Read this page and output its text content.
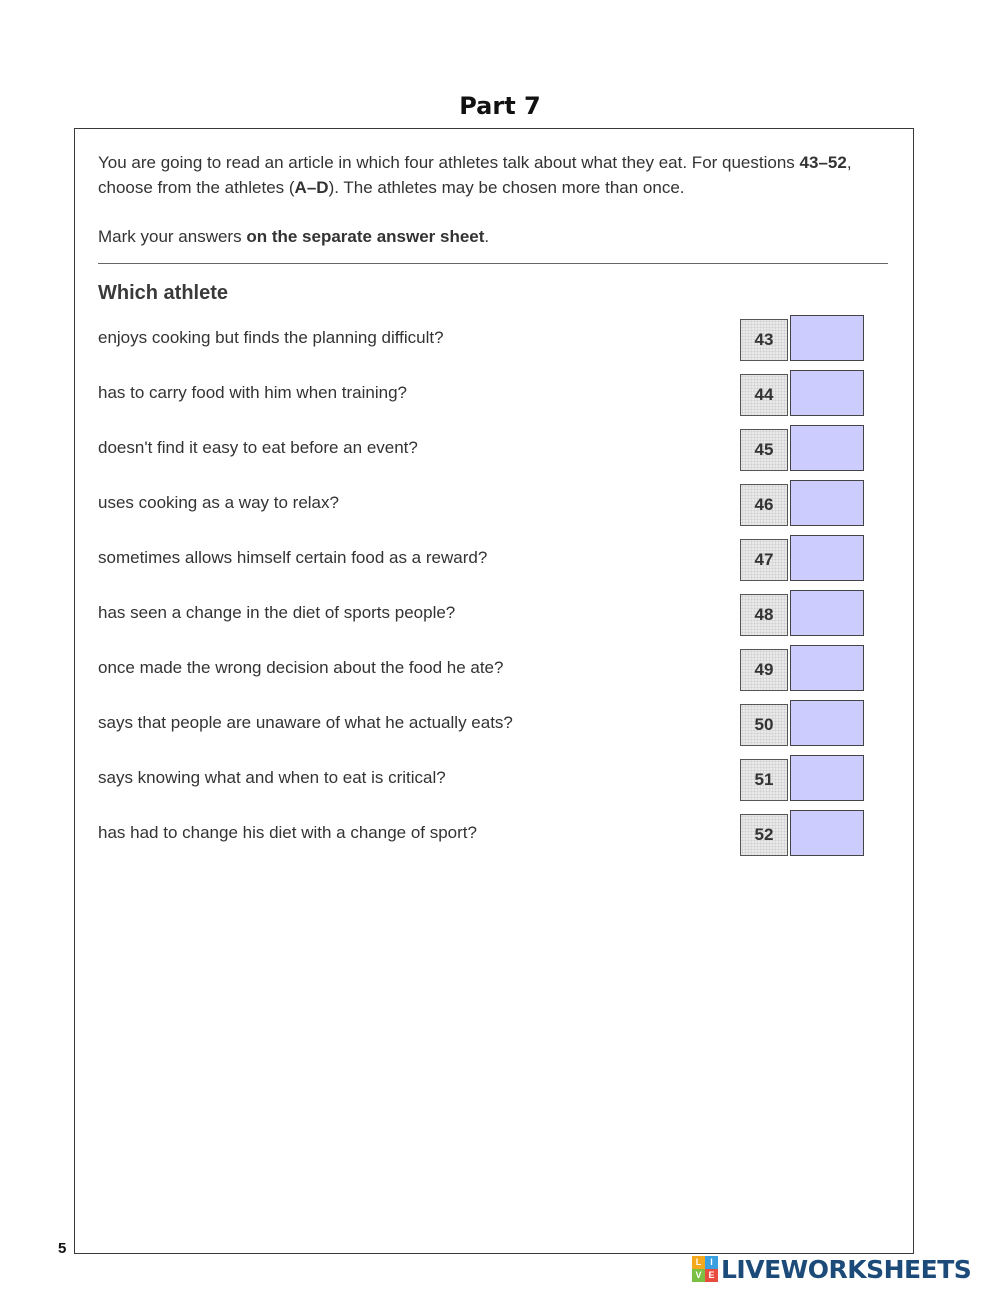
Part 7

You are going to read an article in which four athletes talk about what they eat. For questions 43–52, choose from the athletes (A–D). The athletes may be chosen more than once.

Mark your answers on the separate answer sheet.

Which athlete
enjoys cooking but finds the planning difficult?	43
has to carry food with him when training?	44
doesn't find it easy to eat before an event?	45
uses cooking as a way to relax?	46
sometimes allows himself certain food as a reward?	47
has seen a change in the diet of sports people?	48
once made the wrong decision about the food he ate?	49
says that people are unaware of what he actually eats?	50
says knowing what and when to eat is critical?	51
has had to change his diet with a change of sport?	52
5
L I
V E LIVEWORKSHEETS
